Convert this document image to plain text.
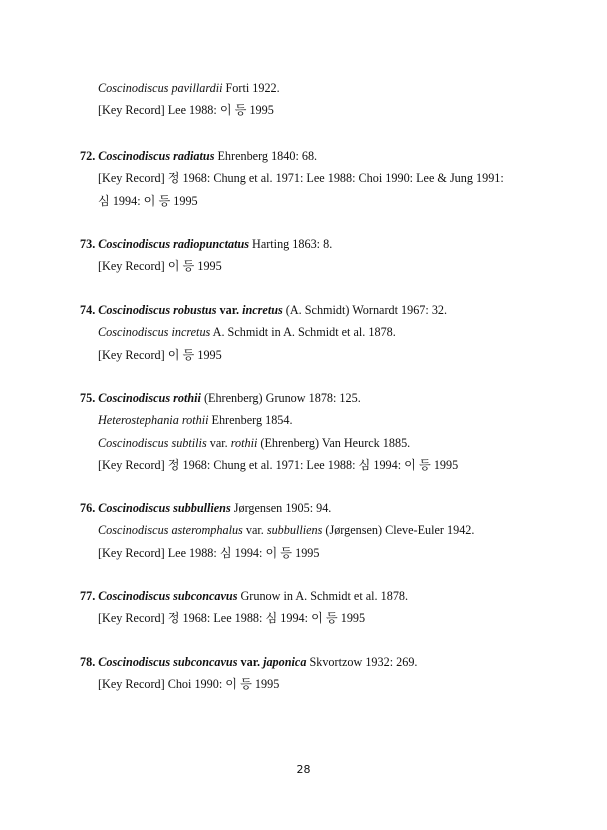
Coscinodiscus pavillardii Forti 1922.
[Key Record] Lee 1988: 이 등 1995
72. Coscinodiscus radiatus Ehrenberg 1840: 68.
[Key Record] 정 1968: Chung et al. 1971: Lee 1988: Choi 1990: Lee & Jung 1991:
심 1994: 이 등 1995
73. Coscinodiscus radiopunctatus Harting 1863: 8.
[Key Record] 이 등 1995
74. Coscinodiscus robustus var. incretus (A. Schmidt) Wornardt 1967: 32.
Coscinodiscus incretus A. Schmidt in A. Schmidt et al. 1878.
[Key Record] 이 등 1995
75. Coscinodiscus rothii (Ehrenberg) Grunow 1878: 125.
Heterostephania rothii Ehrenberg 1854.
Coscinodiscus subtilis var. rothii (Ehrenberg) Van Heurck 1885.
[Key Record] 정 1968: Chung et al. 1971: Lee 1988: 심 1994: 이 등 1995
76. Coscinodiscus subbulliens Jørgensen 1905: 94.
Coscinodiscus asteromphalus var. subbulliens (Jørgensen) Cleve-Euler 1942.
[Key Record] Lee 1988: 심 1994: 이 등 1995
77. Coscinodiscus subconcavus Grunow in A. Schmidt et al. 1878.
[Key Record] 정 1968: Lee 1988: 심 1994: 이 등 1995
78. Coscinodiscus subconcavus var. japonica Skvortzow 1932: 269.
[Key Record] Choi 1990: 이 등 1995
28
